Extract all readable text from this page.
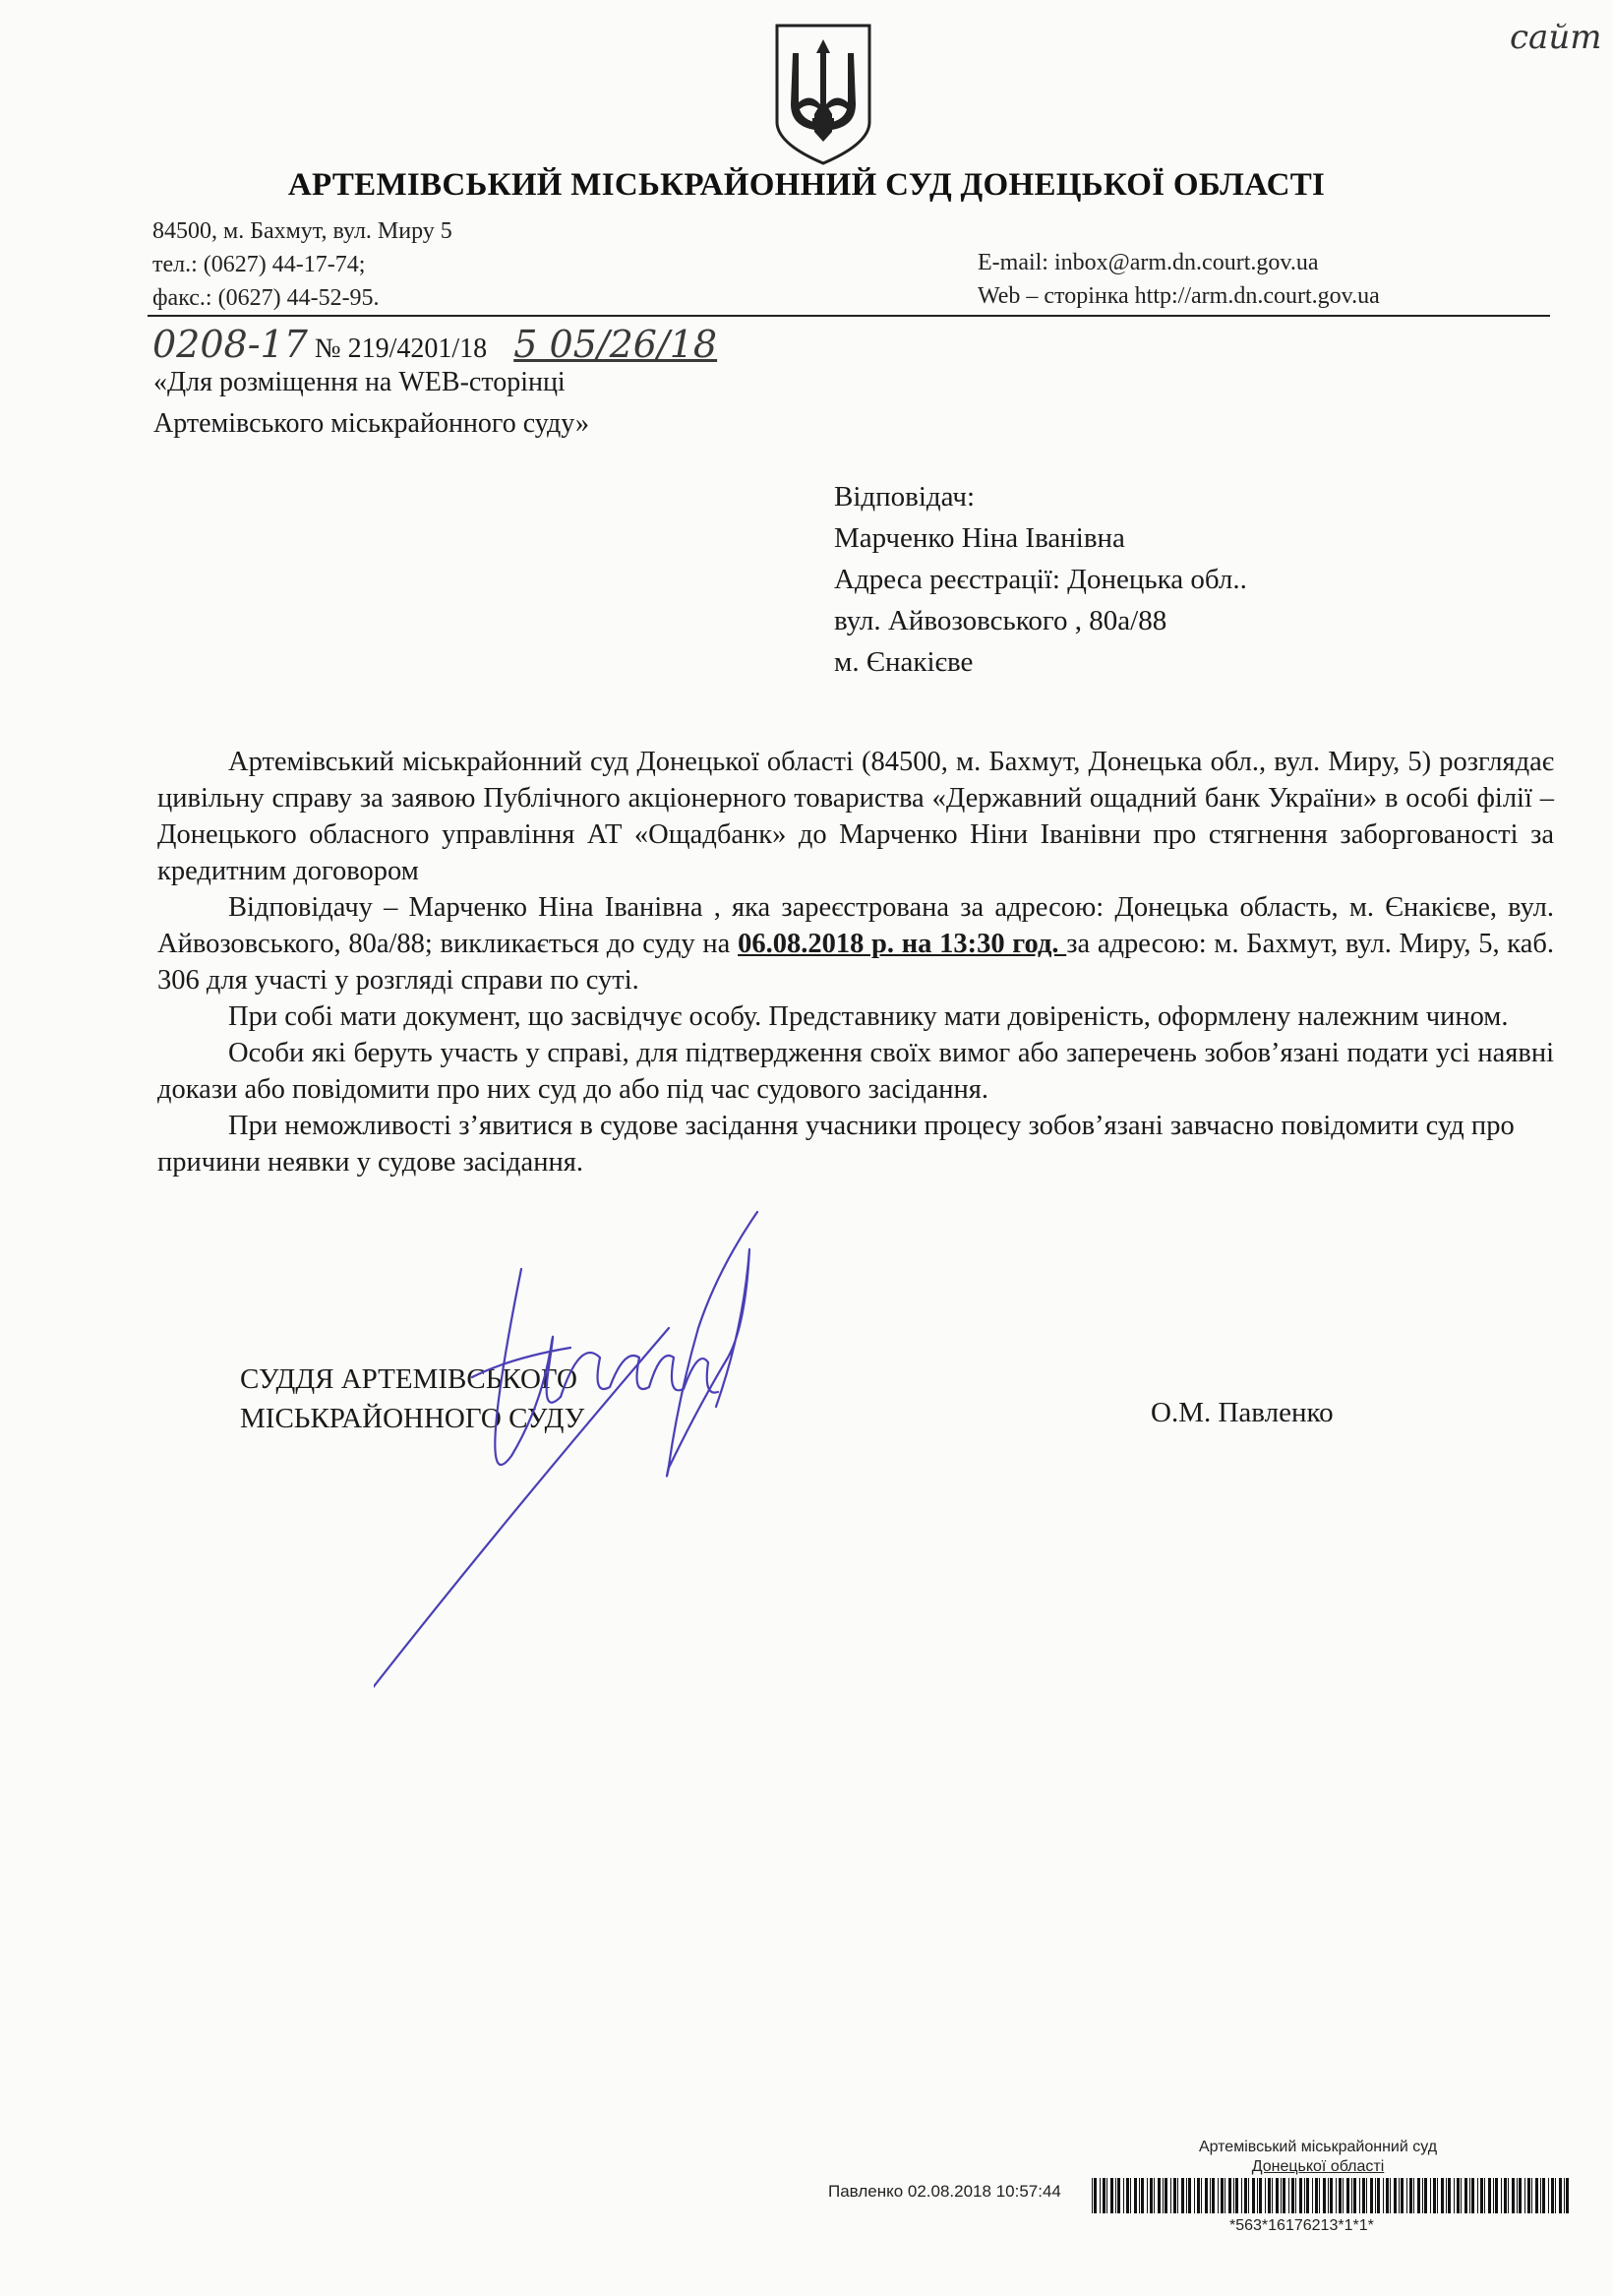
сайт
АРТЕМІВСЬКИЙ МІСЬКРАЙОННИЙ СУД ДОНЕЦЬКОЇ ОБЛАСТІ
84500, м. Бахмут, вул. Миру 5
тел.: (0627) 44-17-74;
факс.: (0627) 44-52-95.
E-mail: inbox@arm.dn.court.gov.ua
Web – сторінка http://arm.dn.court.gov.ua
0208-17 № 219/4201/18 5 05/26/18
«Для розміщення на WEB-сторінці
Артемівського міськрайонного суду»
Відповідач:
Марченко Ніна Іванівна
Адреса реєстрації: Донецька обл..
вул. Айвозовського , 80а/88
м. Єнакієве

Артемівський міськрайонний суд Донецької області (84500, м. Бахмут, Донецька обл., вул. Миру, 5) розглядає цивільну справу за заявою Публічного акціонерного товариства «Державний ощадний банк України» в особі філії – Донецького обласного управління АТ «Ощадбанк» до Марченко Ніни Іванівни про стягнення заборгованості за кредитним договором

Відповідачу – Марченко Ніна Іванівна , яка зареєстрована за адресою: Донецька область, м. Єнакієве, вул. Айвозовського, 80а/88; викликається до суду на 06.08.2018 р. на 13:30 год. за адресою: м. Бахмут, вул. Миру, 5, каб. 306 для участі у розгляді справи по суті.

При собі мати документ, що засвідчує особу. Представнику мати довіреність, оформлену належним чином.

Особи які беруть участь у справі, для підтвердження своїх вимог або заперечень зобов’язані подати усі наявні докази або повідомити про них суд до або під час судового засідання.

При неможливості з’явитися в судове засідання учасники процесу зобов’язані завчасно повідомити суд про причини неявки у судове засідання.

СУДДЯ АРТЕМІВСЬКОГО
МІСЬКРАЙОННОГО СУДУ	О.М. Павленко
Артемівський міськрайонний суд
Донецької області
Павленко 02.08.2018 10:57:44
*563*16176213*1*1*
